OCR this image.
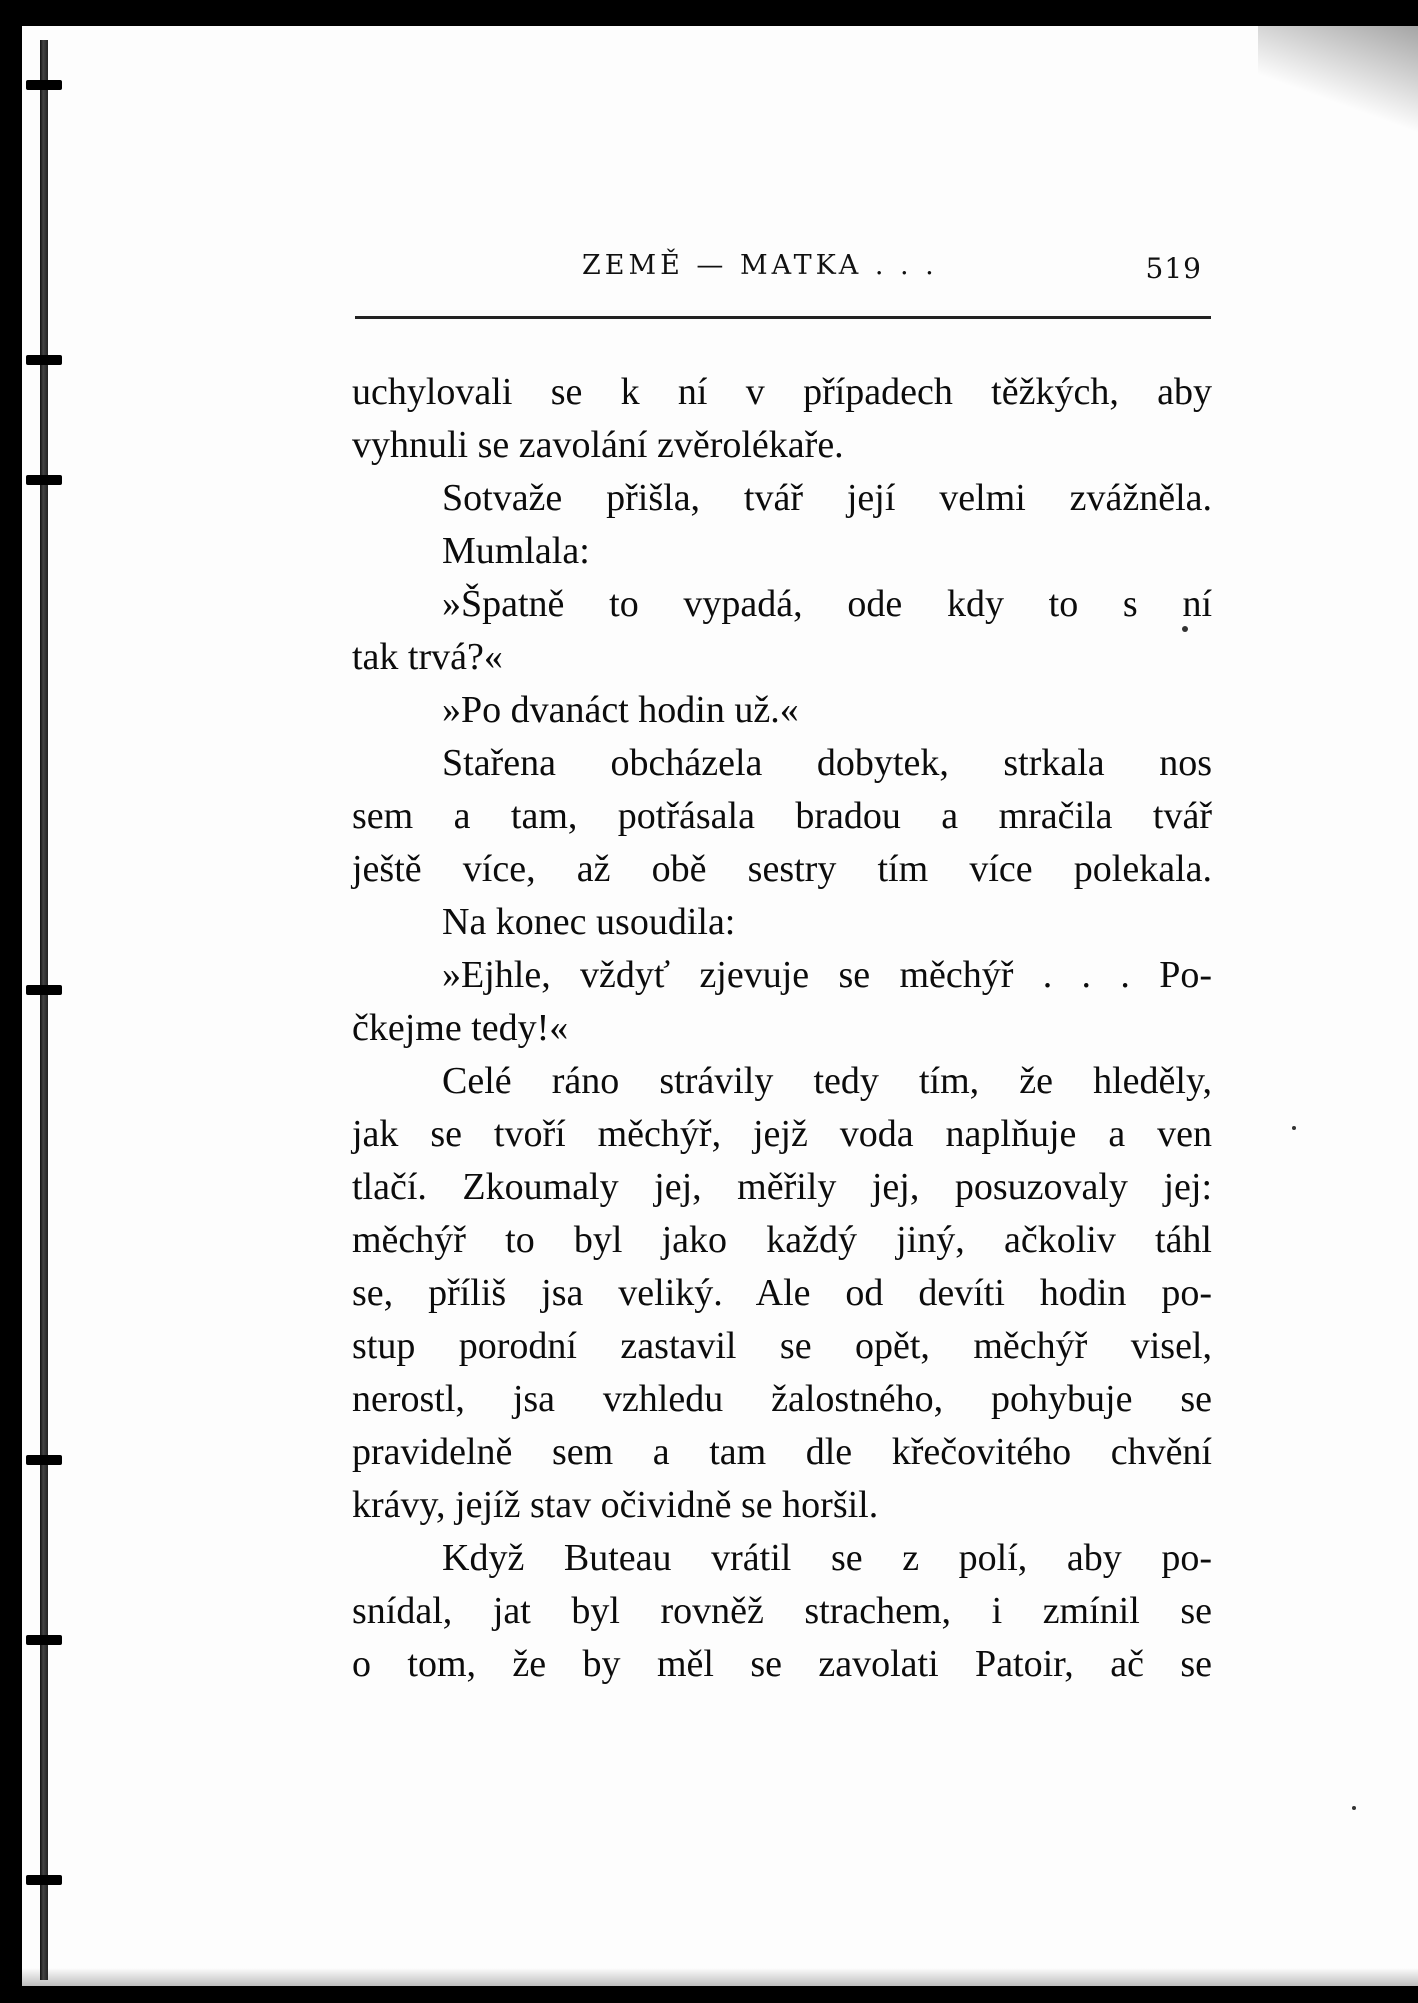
ZEMĚ — MATKA . . .	519
uchylovali se k ní v případech těžkých, aby
vyhnuli se zavolání zvěrolékaře.
Sotvaže přišla, tvář její velmi zvážněla.
Mumlala:
»Špatně to vypadá, ode kdy to s ní
tak trvá?«
»Po dvanáct hodin už.«
Stařena obcházela dobytek, strkala nos
sem a tam, potřásala bradou a mračila tvář
ještě více, až obě sestry tím více polekala.
Na konec usoudila:
»Ejhle, vždyť zjevuje se měchýř . . . Po-
čkejme tedy!«
Celé ráno strávily tedy tím, že hleděly,
jak se tvoří měchýř, jejž voda naplňuje a ven
tlačí. Zkoumaly jej, měřily jej, posuzovaly jej:
měchýř to byl jako každý jiný, ačkoliv táhl
se, příliš jsa veliký. Ale od devíti hodin po-
stup porodní zastavil se opět, měchýř visel,
nerostl, jsa vzhledu žalostného, pohybuje se
pravidelně sem a tam dle křečovitého chvění
krávy, jejíž stav očividně se horšil.
Když Buteau vrátil se z polí, aby po-
snídal, jat byl rovněž strachem, i zmínil se
o tom, že by měl se zavolati Patoir, ač se
